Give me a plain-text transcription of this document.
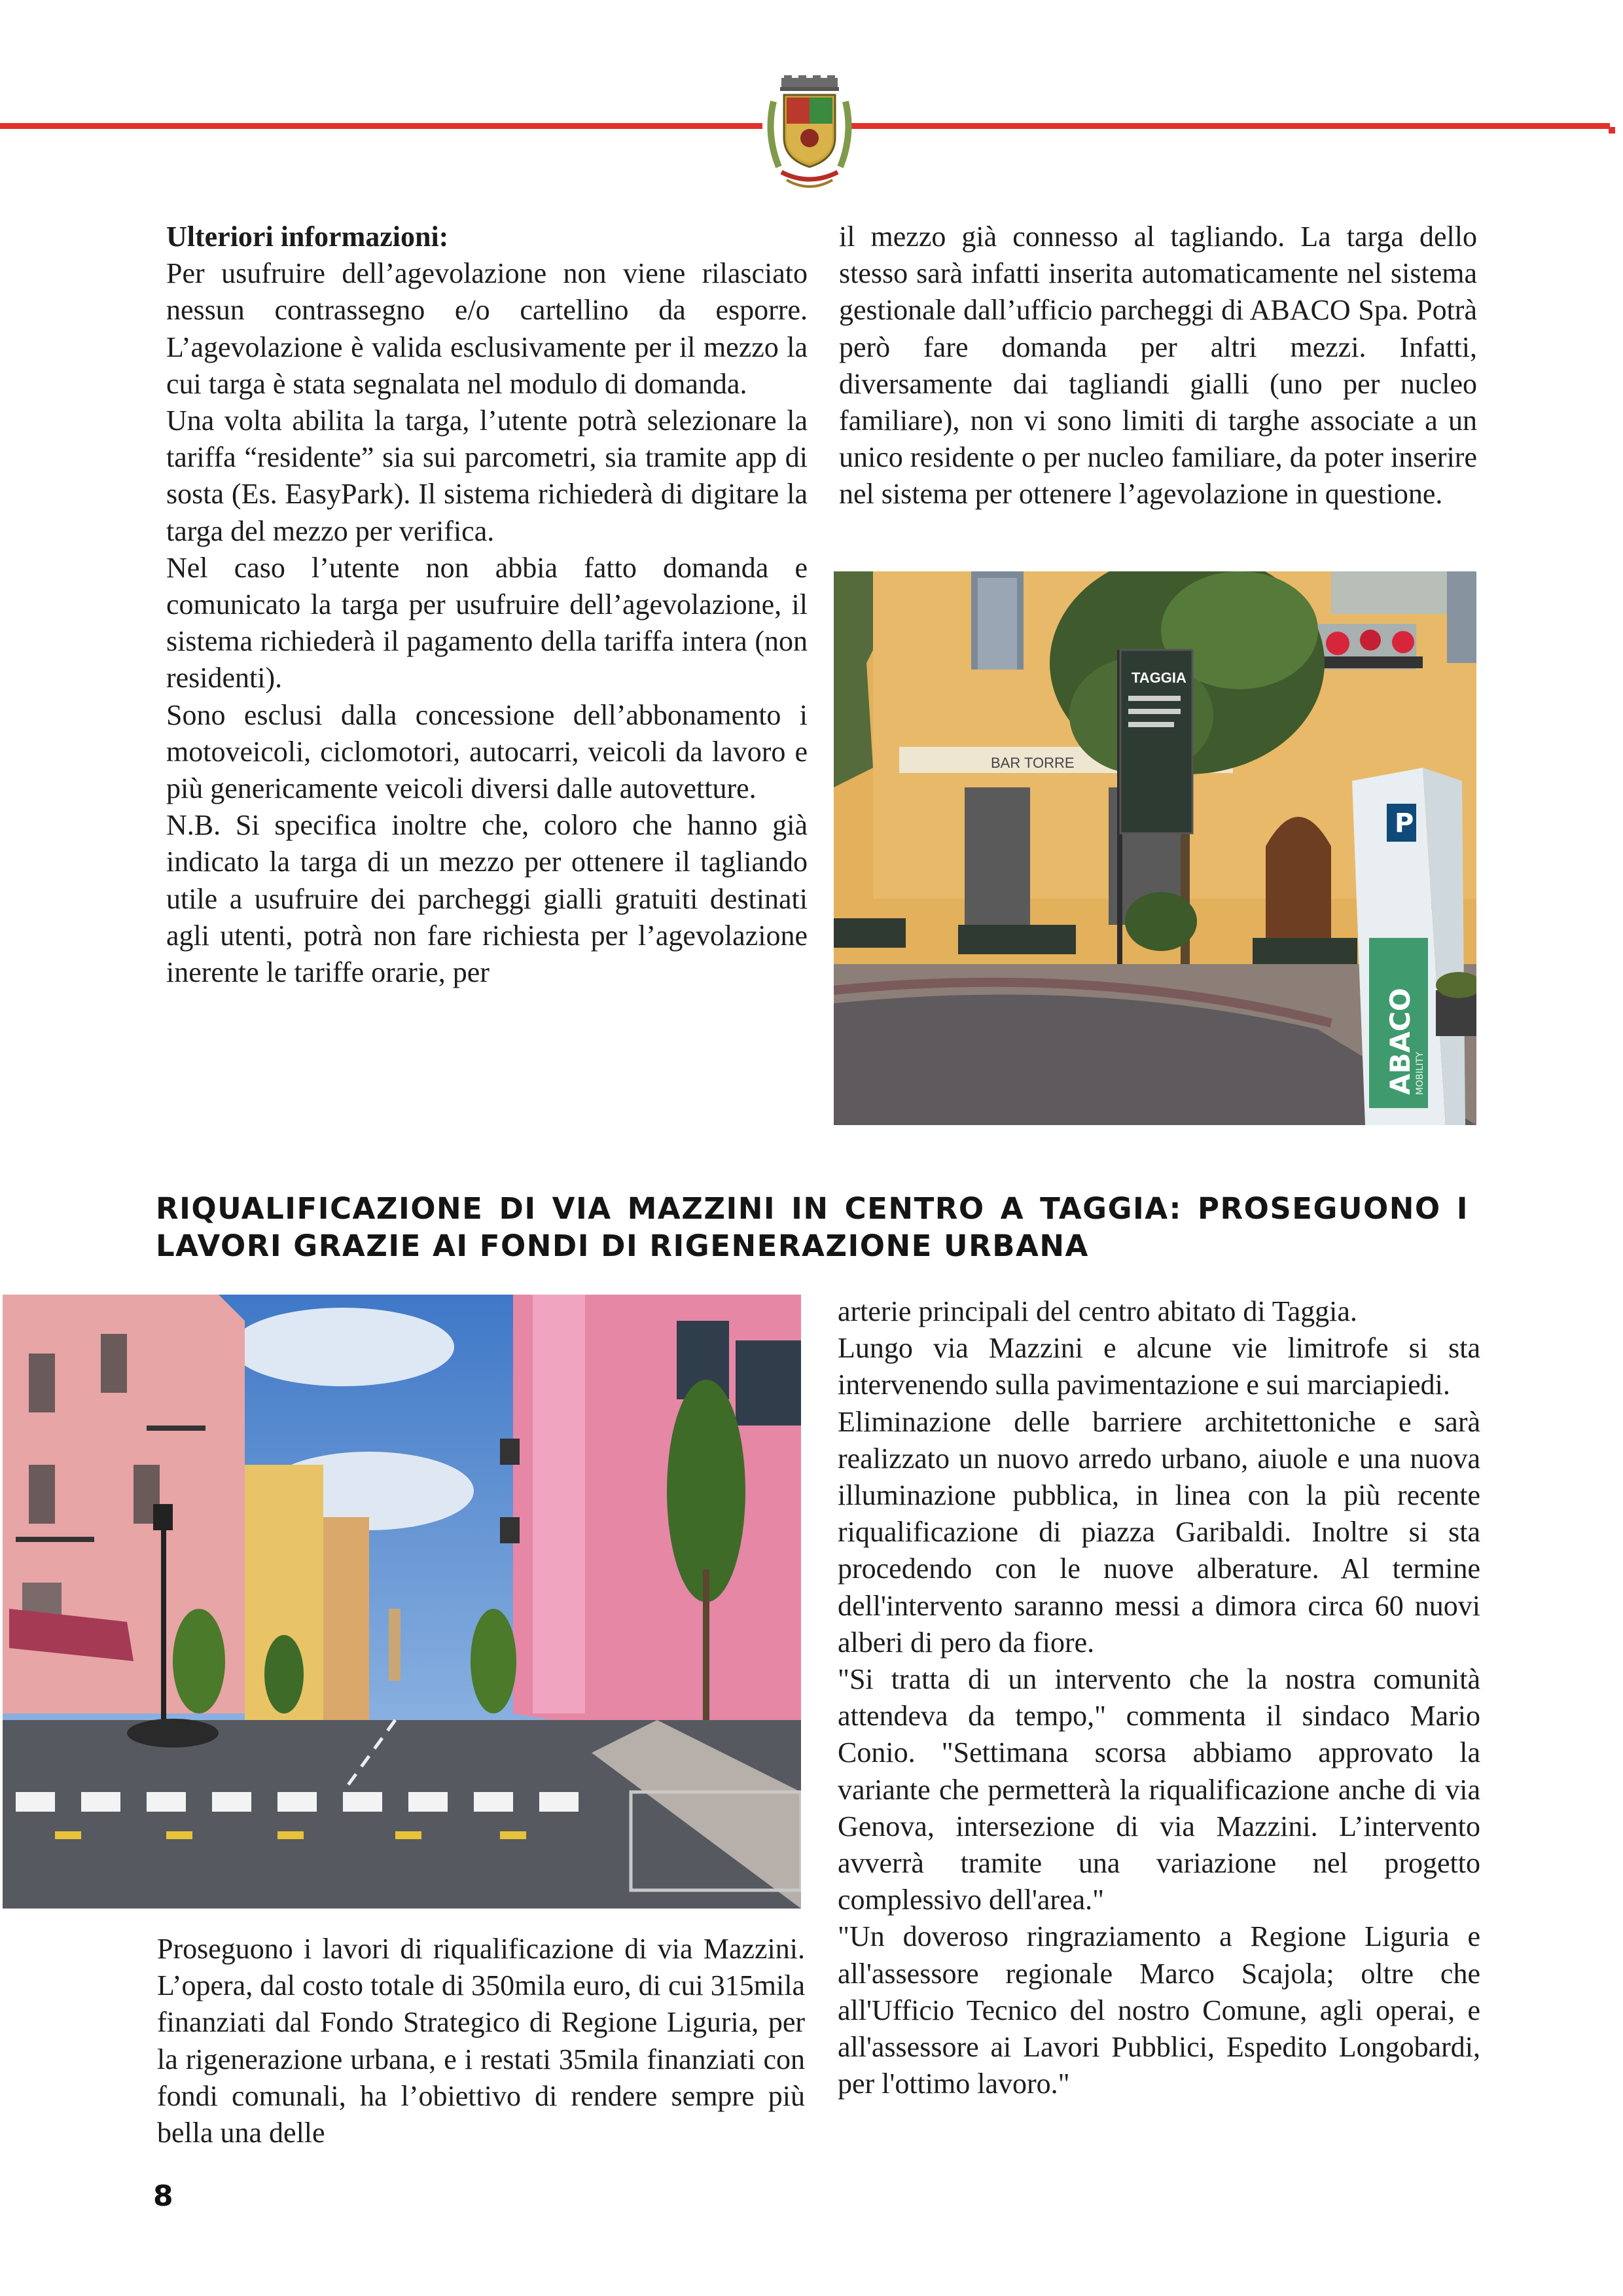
Ulteriori informazioni:

Per usufruire dell’agevolazione non viene rilasciato nessun contrassegno e/o cartellino da esporre. L’agevolazione è valida esclusivamente per il mezzo la cui targa è stata segnalata nel modulo di domanda.

Una volta abilita la targa, l’utente potrà selezionare la tariffa “residente” sia sui parcometri, sia tramite app di sosta (Es. EasyPark). Il sistema richiederà di digitare la targa del mezzo per verifica.

Nel caso l’utente non abbia fatto domanda e comunicato la targa per usufruire dell’agevolazione, il sistema richiederà il pagamento della tariffa intera (non residenti).

Sono esclusi dalla concessione dell’abbonamento i motoveicoli, ciclomotori, autocarri, veicoli da lavoro e più genericamente veicoli diversi dalle autovetture.

N.B. Si specifica inoltre che, coloro che hanno già indicato la targa di un mezzo per ottenere il tagliando utile a usufruire dei parcheggi gialli gratuiti destinati agli utenti, potrà non fare richiesta per l’agevolazione inerente le tariffe orarie, per

il mezzo già connesso al tagliando. La targa dello stesso sarà infatti inserita automaticamente nel sistema gestionale dall’ufficio parcheggi di ABACO Spa. Potrà però fare domanda per altri mezzi. Infatti, diversamente dai tagliandi gialli (uno per nucleo familiare), non vi sono limiti di targhe associate a un unico residente o per nucleo familiare, da poter inserire nel sistema per ottenere l’agevolazione in questione.

BAR TORRE
TAGGIA
P
ABACO
MOBILITY
RIQUALIFICAZIONE DI VIA MAZZINI IN CENTRO A TAGGIA: PROSEGUONO I LAVORI GRAZIE AI FONDI DI RIGENERAZIONE URBANA

Proseguono i lavori di riqualificazione di via Mazzini. L’opera, dal costo totale di 350mila euro, di cui 315mila finanziati dal Fondo Strategico di Regione Liguria, per la rigenerazione urbana, e i restati 35mila finanziati con fondi comunali, ha l’obiettivo di rendere sempre più bella una delle

arterie principali del centro abitato di Taggia.

Lungo via Mazzini e alcune vie limitrofe si sta intervenendo sulla pavimentazione e sui marciapiedi.

Eliminazione delle barriere architettoniche e sarà realizzato un nuovo arredo urbano, aiuole e una nuova illuminazione pubblica, in linea con la più recente riqualificazione di piazza Garibaldi. Inoltre si sta procedendo con le nuove alberature. Al termine dell'intervento saranno messi a dimora circa 60 nuovi alberi di pero da fiore.

"Si tratta di un intervento che la nostra comunità attendeva da tempo," commenta il sindaco Mario Conio. "Settimana scorsa abbiamo approvato la variante che permetterà la riqualificazione anche di via Genova, intersezione di via Mazzini. L’intervento avverrà tramite una variazione nel progetto complessivo dell'area."

"Un doveroso ringraziamento a Regione Liguria e all'assessore regionale Marco Scajola; oltre che all'Ufficio Tecnico del nostro Comune, agli operai, e all'assessore ai Lavori Pubblici, Espedito Longobardi, per l'ottimo lavoro."

8
